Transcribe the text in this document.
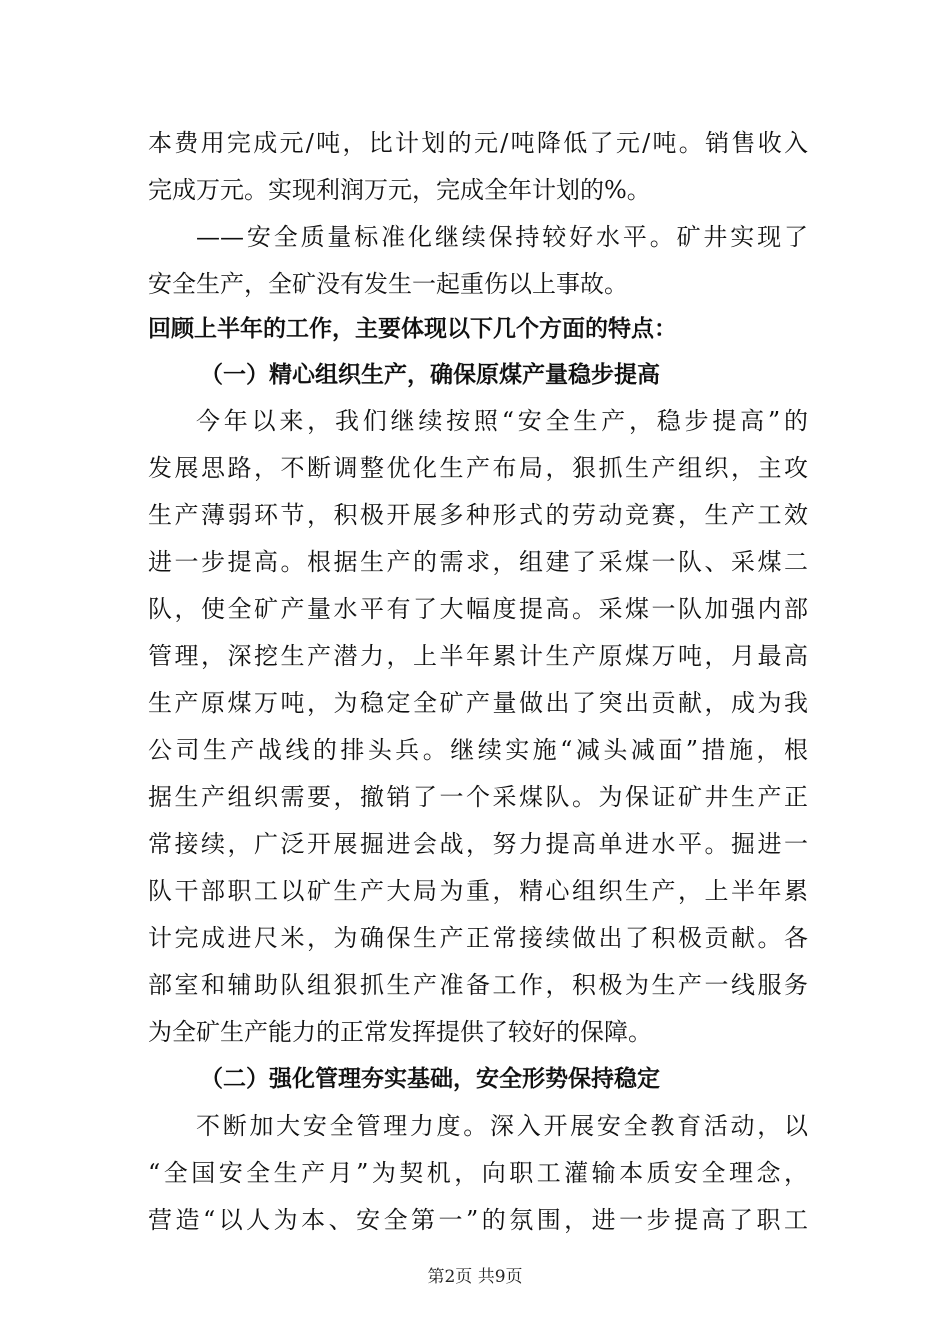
本费用完成元/吨，比计划的元/吨降低了元/吨。销售收入
完成万元。实现利润万元，完成全年计划的%。
——安全质量标准化继续保持较好水平。矿井实现了
安全生产，全矿没有发生一起重伤以上事故。
回顾上半年的工作，主要体现以下几个方面的特点：
（一）精心组织生产，确保原煤产量稳步提高
今年以来，我们继续按照“安全生产，稳步提高”的
发展思路，不断调整优化生产布局，狠抓生产组织，主攻
生产薄弱环节，积极开展多种形式的劳动竞赛，生产工效
进一步提高。根据生产的需求，组建了采煤一队、采煤二
队，使全矿产量水平有了大幅度提高。采煤一队加强内部
管理，深挖生产潜力，上半年累计生产原煤万吨，月最高
生产原煤万吨，为稳定全矿产量做出了突出贡献，成为我
公司生产战线的排头兵。继续实施“减头减面”措施，根
据生产组织需要，撤销了一个采煤队。为保证矿井生产正
常接续，广泛开展掘进会战，努力提高单进水平。掘进一
队干部职工以矿生产大局为重，精心组织生产，上半年累
计完成进尺米，为确保生产正常接续做出了积极贡献。各
部室和辅助队组狠抓生产准备工作，积极为生产一线服务
为全矿生产能力的正常发挥提供了较好的保障。
（二）强化管理夯实基础，安全形势保持稳定
不断加大安全管理力度。深入开展安全教育活动，以
“全国安全生产月”为契机，向职工灌输本质安全理念，
营造“以人为本、安全第一”的氛围，进一步提高了职工
第2页 共9页
